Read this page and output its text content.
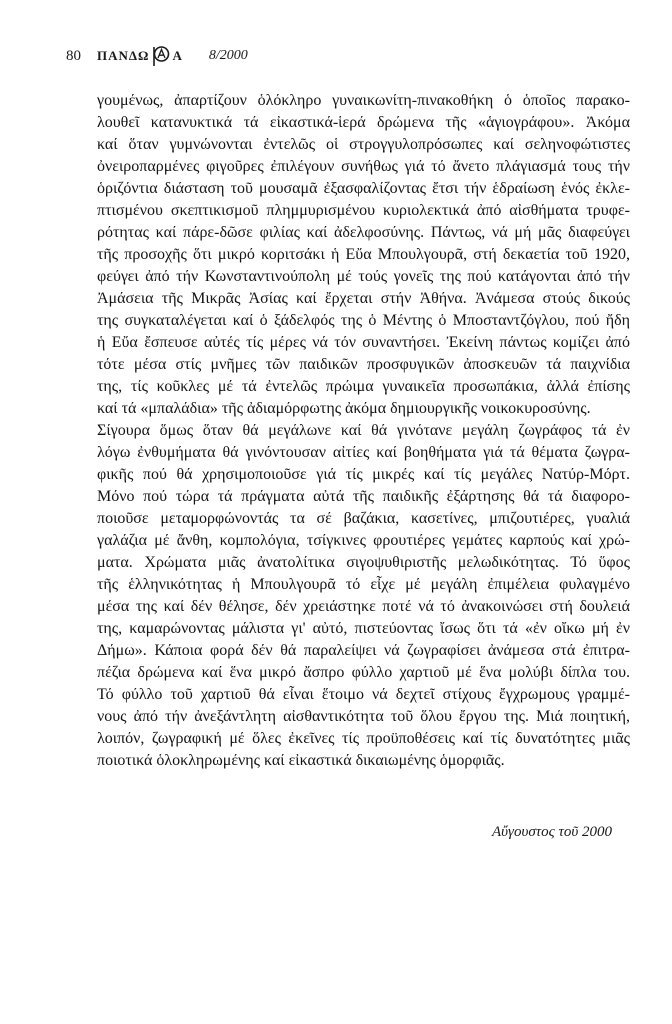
80 ΠΑΝΔΩ Α 8/2000
γουμένως, ἀπαρτίζουν ὁλόκληρο γυναικωνίτη-πινακοθήκη ὁ ὁποῖος παρακο-
λουθεῖ κατανυκτικά τά εἰκαστικά-ἱερά δρώμενα τῆς «ἁγιογράφου». Ἀκόμα
καί ὅταν γυμνώνονται ἐντελῶς οἱ στρογγυλοπρόσωπες καί σεληνοφώτιστες
ὀνειροπαρμένες φιγοῦρες ἐπιλέγουν συνήθως γιά τό ἄνετο πλάγιασμά τους τήν
ὁριζόντια διάσταση τοῦ μουσαμᾶ ἐξασφαλίζοντας ἔτσι τήν ἑδραίωση ἑνός ἐκλε-
πτισμένου σκεπτικισμοῦ πλημμυρισμένου κυριολεκτικά ἀπό αἰσθήματα τρυφε-
ρότητας καί πάρε-δῶσε φιλίας καί ἀδελφοσύνης. Πάντως, νά μή μᾶς διαφεύγει
τῆς προσοχῆς ὅτι μικρό κοριτσάκι ἡ Εὔα Μπουλγουρᾶ, στή δεκαετία τοῦ 1920,
φεύγει ἀπό τήν Κωνσταντινούπολη μέ τούς γονεῖς της πού κατάγονται ἀπό τήν
Ἀμάσεια τῆς Μικρᾶς Ἀσίας καί ἔρχεται στήν Ἀθήνα. Ἀνάμεσα στούς δικούς
της συγκαταλέγεται καί ὁ ξάδελφός της ὁ Μέντης ὁ Μποσταντζόγλου, πού ἤδη
ἡ Εὔα ἔσπευσε αὐτές τίς μέρες νά τόν συναντήσει. Ἐκείνη πάντως κομίζει ἀπό
τότε μέσα στίς μνῆμες τῶν παιδικῶν προσφυγικῶν ἀποσκευῶν τά παιχνίδια
της, τίς κοῦκλες μέ τά ἐντελῶς πρώιμα γυναικεῖα προσωπάκια, ἀλλά ἐπίσης
καί τά «μπαλάδια» τῆς ἀδιαμόρφωτης ἀκόμα δημιουργικῆς νοικοκυροσύνης.
Σίγουρα ὅμως ὅταν θά μεγάλωνε καί θά γινότανε μεγάλη ζωγράφος τά ἐν
λόγω ἐνθυμήματα θά γινόντουσαν αἰτίες καί βοηθήματα γιά τά θέματα ζωγρα-
φικῆς πού θά χρησιμοποιοῦσε γιά τίς μικρές καί τίς μεγάλες Νατύρ-Μόρτ.
Μόνο πού τώρα τά πράγματα αὐτά τῆς παιδικῆς ἐξάρτησης θά τά διαφορο-
ποιοῦσε μεταμορφώνοντάς τα σέ βαζάκια, κασετίνες, μπιζουτιέρες, γυαλιά
γαλάζια μέ ἄνθη, κομπολόγια, τσίγκινες φρουτιέρες γεμάτες καρπούς καί χρώ-
ματα. Χρώματα μιᾶς ἀνατολίτικα σιγοψυθιριστῆς μελωδικότητας. Τό ὕφος
τῆς ἑλληνικότητας ἡ Μπουλγουρᾶ τό εἶχε μέ μεγάλη ἐπιμέλεια φυλαγμένο
μέσα της καί δέν θέλησε, δέν χρειάστηκε ποτέ νά τό ἀνακοινώσει στή δουλειά
της, καμαρώνοντας μάλιστα γι' αὐτό, πιστεύοντας ἴσως ὅτι τά «ἐν οἴκω μή ἐν
Δήμω». Κάποια φορά δέν θά παραλείψει νά ζωγραφίσει ἀνάμεσα στά ἐπιτρα-
πέζια δρώμενα καί ἕνα μικρό ἄσπρο φύλλο χαρτιοῦ μέ ἕνα μολύβι δίπλα του.
Τό φύλλο τοῦ χαρτιοῦ θά εἶναι ἕτοιμο νά δεχτεῖ στίχους ἔγχρωμους γραμμέ-
νους ἀπό τήν ἀνεξάντλητη αἰσθαντικότητα τοῦ ὅλου ἔργου της. Μιά ποιητική,
λοιπόν, ζωγραφική μέ ὅλες ἐκεῖνες τίς προϋποθέσεις καί τίς δυνατότητες μιᾶς
ποιοτικά ὁλοκληρωμένης καί εἰκαστικά δικαιωμένης ὁμορφιᾶς.
Αὔγουστος τοῦ 2000
